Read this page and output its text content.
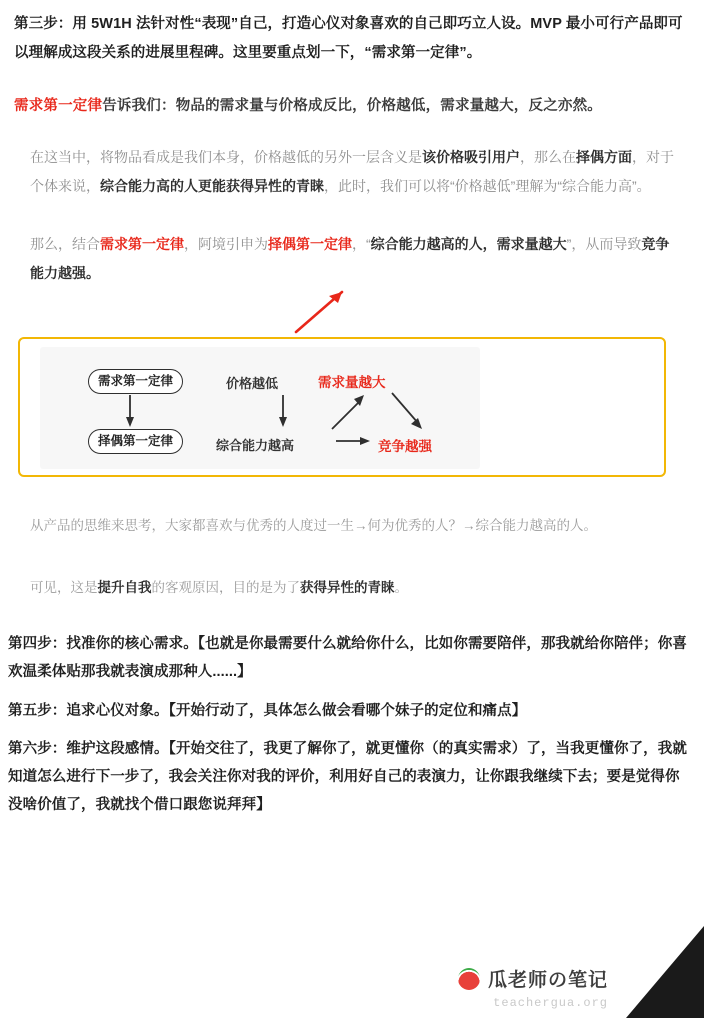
第三步：用 5W1H 法针对性“表现”自己，打造心仪对象喜欢的自己即巧立人设。MVP 最小可行产品即可以理解成这段关系的进展里程碑。这里要重点划一下，“需求第一定律”。

需求第一定律告诉我们：物品的需求量与价格成反比，价格越低，需求量越大，反之亦然。

在这当中，将物品看成是我们本身，价格越低的另外一层含义是该价格吸引用户，那么在择偶方面，对于个体来说，综合能力高的人更能获得异性的青睐，此时，我们可以将“价格越低”理解为“综合能力高”。

那么，结合需求第一定律，阿境引申为择偶第一定律，“综合能力越高的人，需求量越大”，从而导致竞争能力越强。

需求第一定律
择偶第一定律
价格越低
综合能力越高
需求量越大
竞争越强

从产品的思维来思考，大家都喜欢与优秀的人度过一生→何为优秀的人？→综合能力越高的人。

可见，这是提升自我的客观原因，目的是为了获得异性的青睐。

第四步：找准你的核心需求。【也就是你最需要什么就给你什么，比如你需要陪伴，那我就给你陪伴；你喜欢温柔体贴那我就表演成那种人......】

第五步：追求心仪对象。【开始行动了，具体怎么做会看哪个妹子的定位和痛点】

第六步：维护这段感情。【开始交往了，我更了解你了，就更懂你（的真实需求）了，当我更懂你了，我就知道怎么进行下一步了，我会关注你对我的评价，利用好自己的表演力，让你跟我继续下去；要是觉得你没啥价值了，我就找个借口跟您说拜拜】

瓜老师の笔记
teachergua.org
